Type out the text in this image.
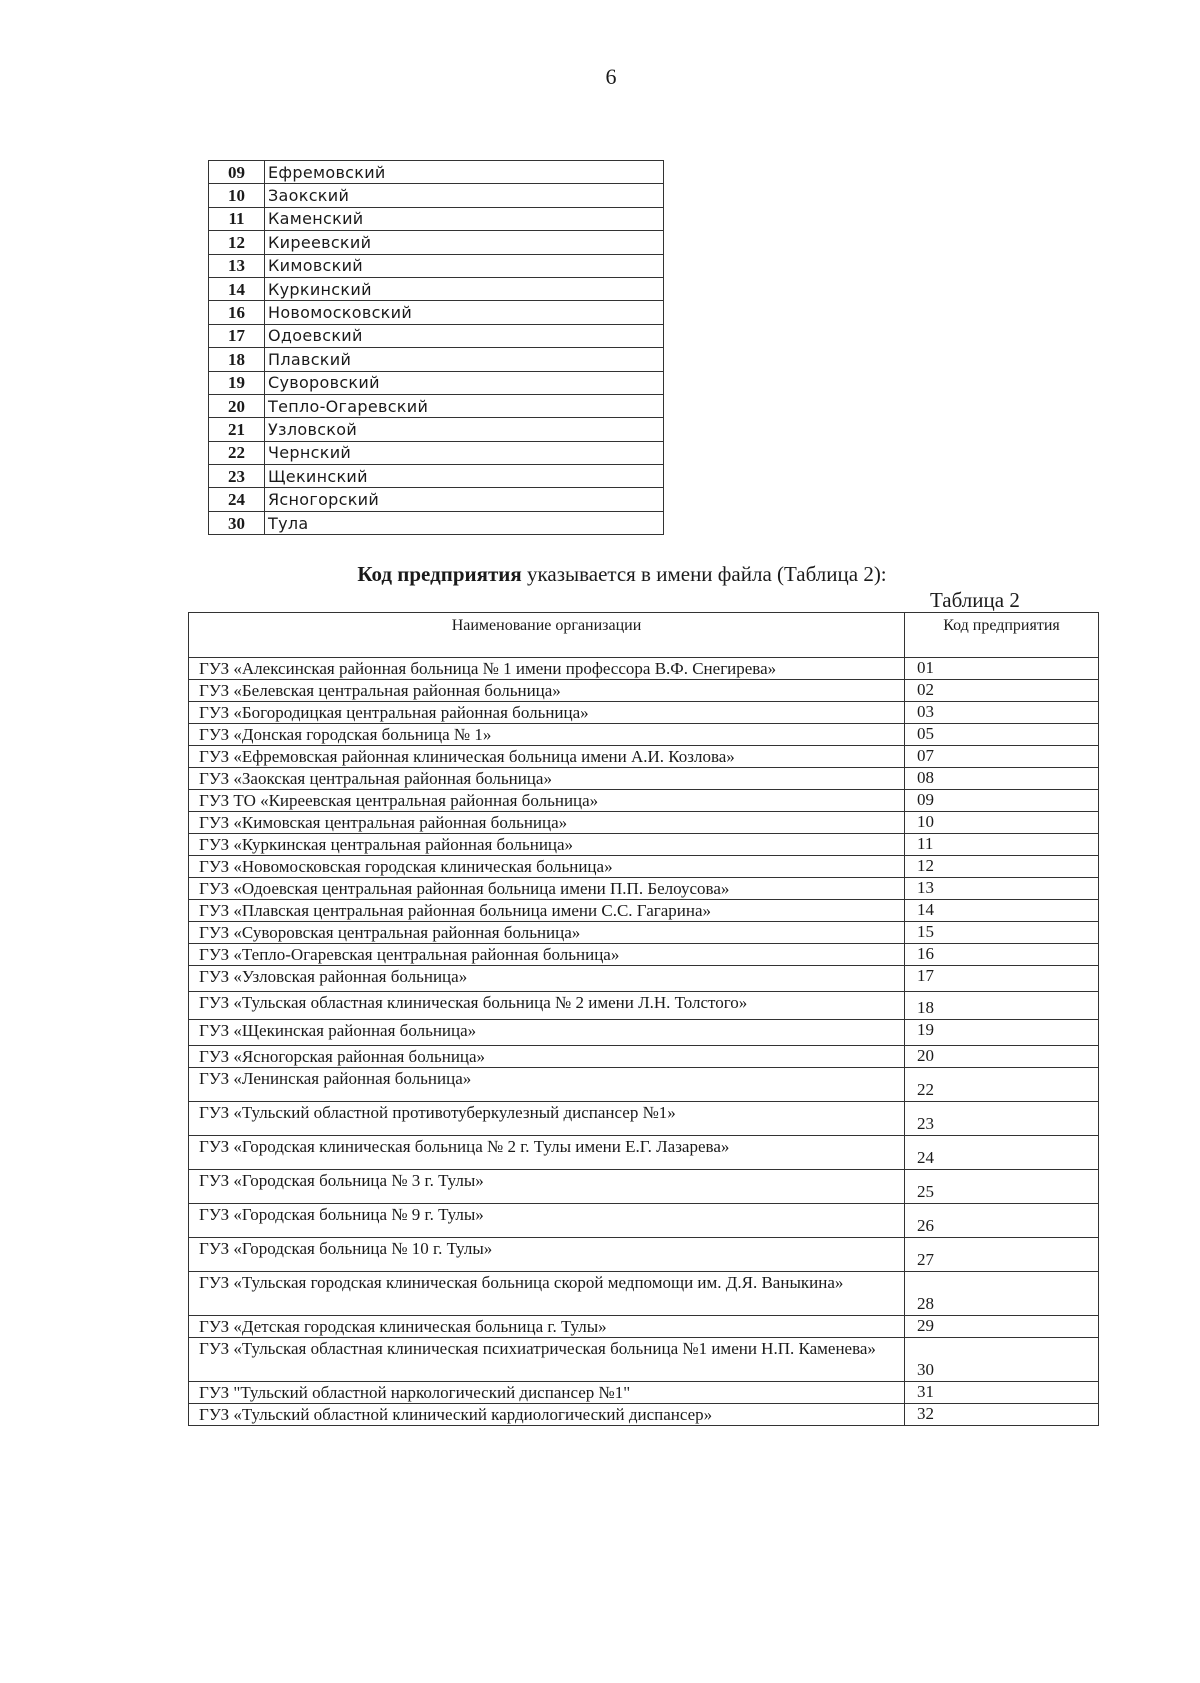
6
09	Ефремовский
10	Заокский
11	Каменский
12	Киреевский
13	Кимовский
14	Куркинский
16	Новомосковский
17	Одоевский
18	Плавский
19	Суворовский
20	Тепло-Огаревский
21	Узловской
22	Чернский
23	Щекинский
24	Ясногорский
30	Тула
Код предприятия указывается в имени файла (Таблица 2):
Таблица 2
Наименование организации	Код предприятия
ГУЗ «Алексинская районная больница № 1 имени профессора В.Ф. Снегирева»	01
ГУЗ «Белевская центральная районная больница»	02
ГУЗ «Богородицкая центральная районная больница»	03
ГУЗ «Донская городская больница № 1»	05
ГУЗ «Ефремовская районная клиническая больница имени А.И. Козлова»	07
ГУЗ «Заокская центральная районная больница»	08
ГУЗ ТО «Киреевская центральная районная больница»	09
ГУЗ «Кимовская центральная районная больница»	10
ГУЗ «Куркинская центральная районная больница»	11
ГУЗ «Новомосковская городская клиническая больница»	12
ГУЗ «Одоевская центральная районная больница имени П.П. Белоусова»	13
ГУЗ «Плавская центральная районная больница имени С.С. Гагарина»	14
ГУЗ «Суворовская центральная районная больница»	15
ГУЗ «Тепло-Огаревская центральная районная больница»	16
ГУЗ «Узловская районная больница»	17
ГУЗ «Тульская областная клиническая больница № 2 имени Л.Н. Толстого»	18
ГУЗ «Щекинская районная больница»	19
ГУЗ «Ясногорская районная больница»	20
ГУЗ «Ленинская районная больница»	22
ГУЗ «Тульский областной противотуберкулезный диспансер №1»	23
ГУЗ «Городская клиническая больница № 2 г. Тулы имени Е.Г. Лазарева»	24
ГУЗ «Городская больница № 3 г. Тулы»	25
ГУЗ «Городская больница № 9 г. Тулы»	26
ГУЗ «Городская больница № 10 г. Тулы»	27
ГУЗ «Тульская городская клиническая больница скорой медпомощи им. Д.Я. Ваныкина»	28
ГУЗ «Детская городская клиническая больница г. Тулы»	29
ГУЗ «Тульская областная клиническая психиатрическая больница №1 имени Н.П. Каменева»	30
ГУЗ "Тульский областной наркологический диспансер №1"	31
ГУЗ «Тульский областной клинический кардиологический диспансер»	32
